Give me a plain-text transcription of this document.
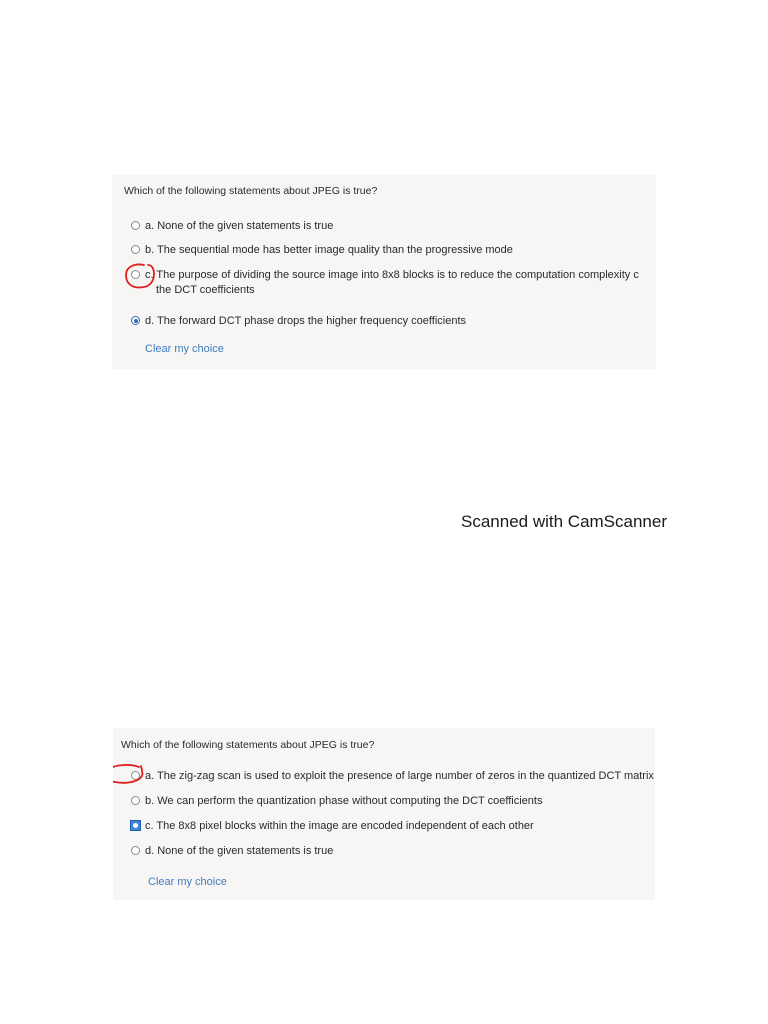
Which of the following statements about JPEG is true?
a. None of the given statements is true
b. The sequential mode has better image quality than the progressive mode
c. The purpose of dividing the source image into 8x8 blocks is to reduce the computation complexity c
the DCT coefficients
d. The forward DCT phase drops the higher frequency coefficients
Clear my choice
Scanned with CamScanner
Which of the following statements about JPEG is true?
a. The zig-zag scan is used to exploit the presence of large number of zeros in the quantized DCT matrix
b. We can perform the quantization phase without computing the DCT coefficients
c. The 8x8 pixel blocks within the image are encoded independent of each other
d. None of the given statements is true
Clear my choice
